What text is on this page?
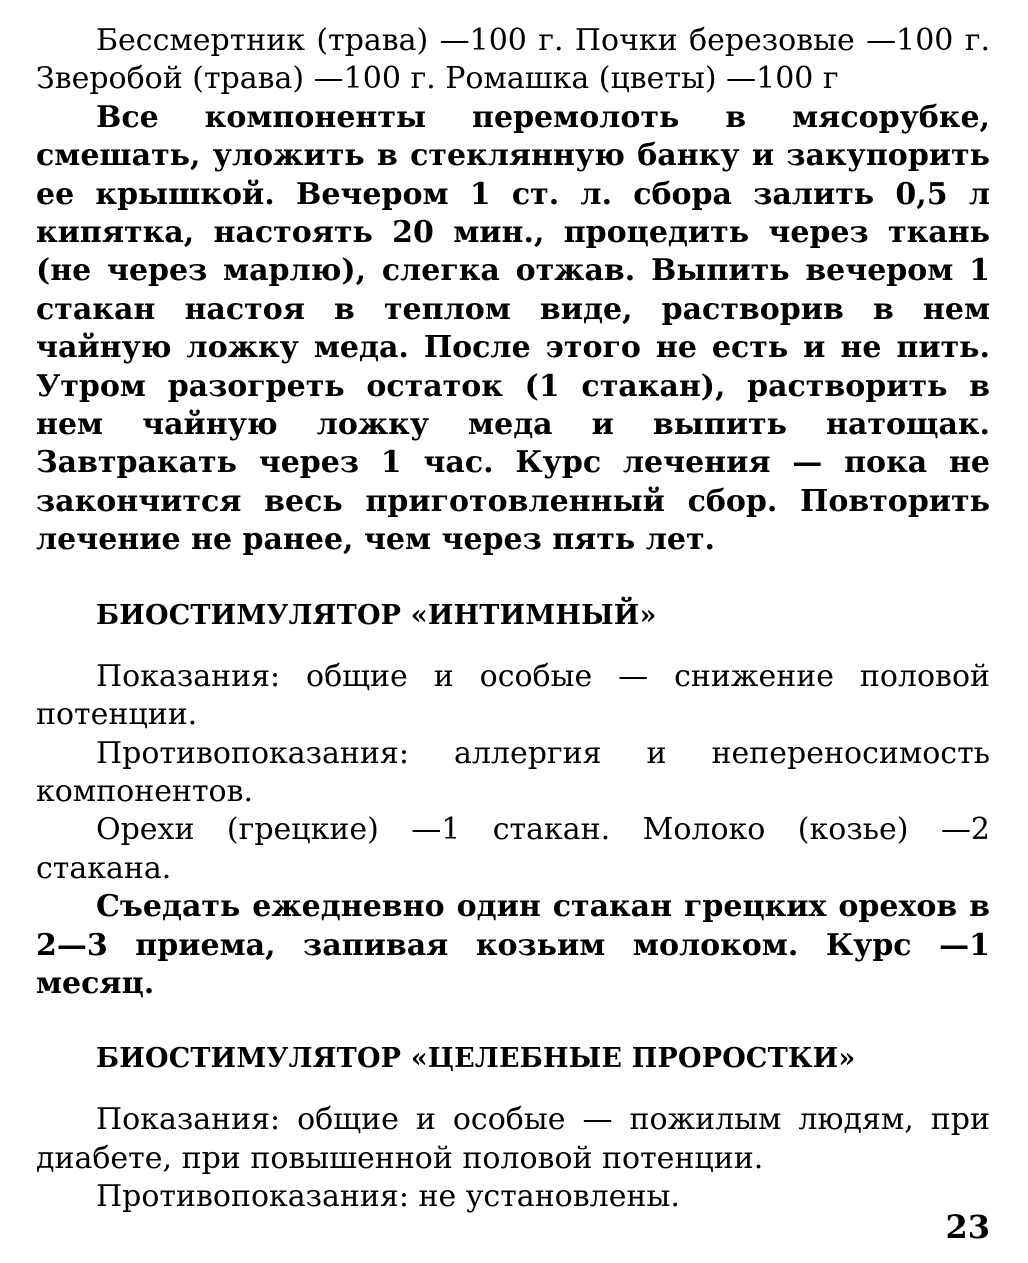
Бессмертник (трава) —100 г. Почки березовые —100 г. Зверобой (трава) —100 г. Ромашка (цветы) —100 г

Все компоненты перемолоть в мясорубке, смешать, уложить в стеклянную банку и закупорить ее крышкой. Вечером 1 ст. л. сбора залить 0,5 л кипятка, настоять 20 мин., процедить через ткань (не через марлю), слегка отжав. Выпить вечером 1 стакан настоя в теплом виде, растворив в нем чайную ложку меда. После этого не есть и не пить. Утром разогреть остаток (1 стакан), растворить в нем чайную ложку меда и выпить натощак. Завтракать через 1 час. Курс лечения — пока не закончится весь приготовленный сбор. Повторить лечение не ранее, чем через пять лет.

БИОСТИМУЛЯТОР «ИНТИМНЫЙ»

Показания: общие и особые — снижение половой потенции.

Противопоказания: аллергия и непереносимость компонентов.

Орехи (грецкие) —1 стакан. Молоко (козье) —2 стакана.

Съедать ежедневно один стакан грецких орехов в 2—3 приема, запивая козьим молоком. Курс —1 месяц.

БИОСТИМУЛЯТОР «ЦЕЛЕБНЫЕ ПРОРОСТКИ»

Показания: общие и особые — пожилым людям, при диабете, при повышенной половой потенции.

Противопоказания: не установлены.

23
